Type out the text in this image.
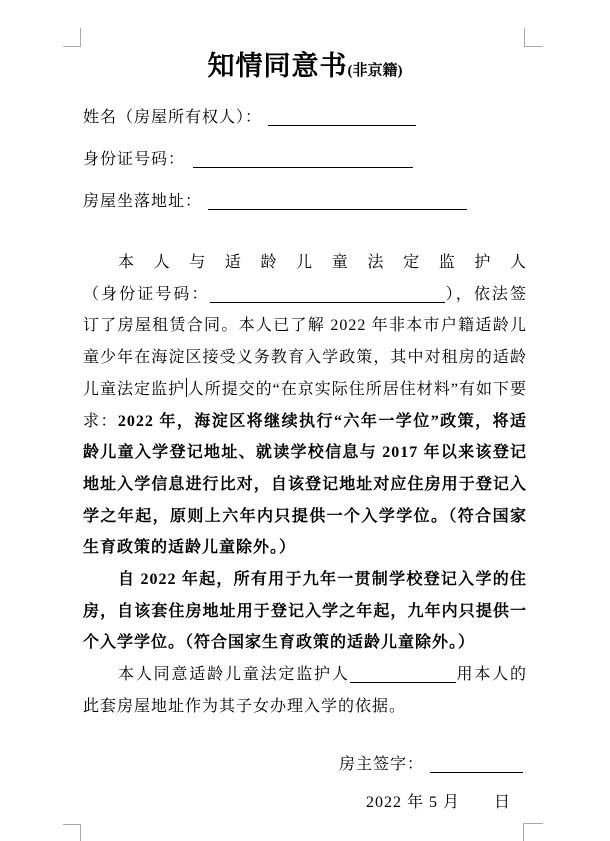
知情同意书(非京籍)
姓名（房屋所有权人）：
身份证号码：
房屋坐落地址：
本人与适龄儿童法定监护人

（身份证号码：	），依法签订了房屋租赁合同。本人已了解 2022 年非本市户籍适龄儿童少年在海淀区接受义务教育入学政策，其中对租房的适龄儿童法定监护 人所提交的“在京实际住所居住材料”有如下要求：2022 年，海淀区将继续执行“六年一学位”政策，将适龄儿童入学登记地址、就读学校信息与 2017 年以来该登记地址入学信息进行比对，自该登记地址对应住房用于登记入学之年起，原则上六年内只提供一个入学学位。（符合国家生育政策的适龄儿童除外。）

自 2022 年起，所有用于九年一贯制学校登记入学的住房，自该套住房地址用于登记入学之年起，九年内只提供一个入学学位。（符合国家生育政策的适龄儿童除外。）

本人同意适龄儿童法定监护人	用本人的此套房屋地址作为其子女办理入学的依据。

房主签字：
2022 年 5 月　　日
